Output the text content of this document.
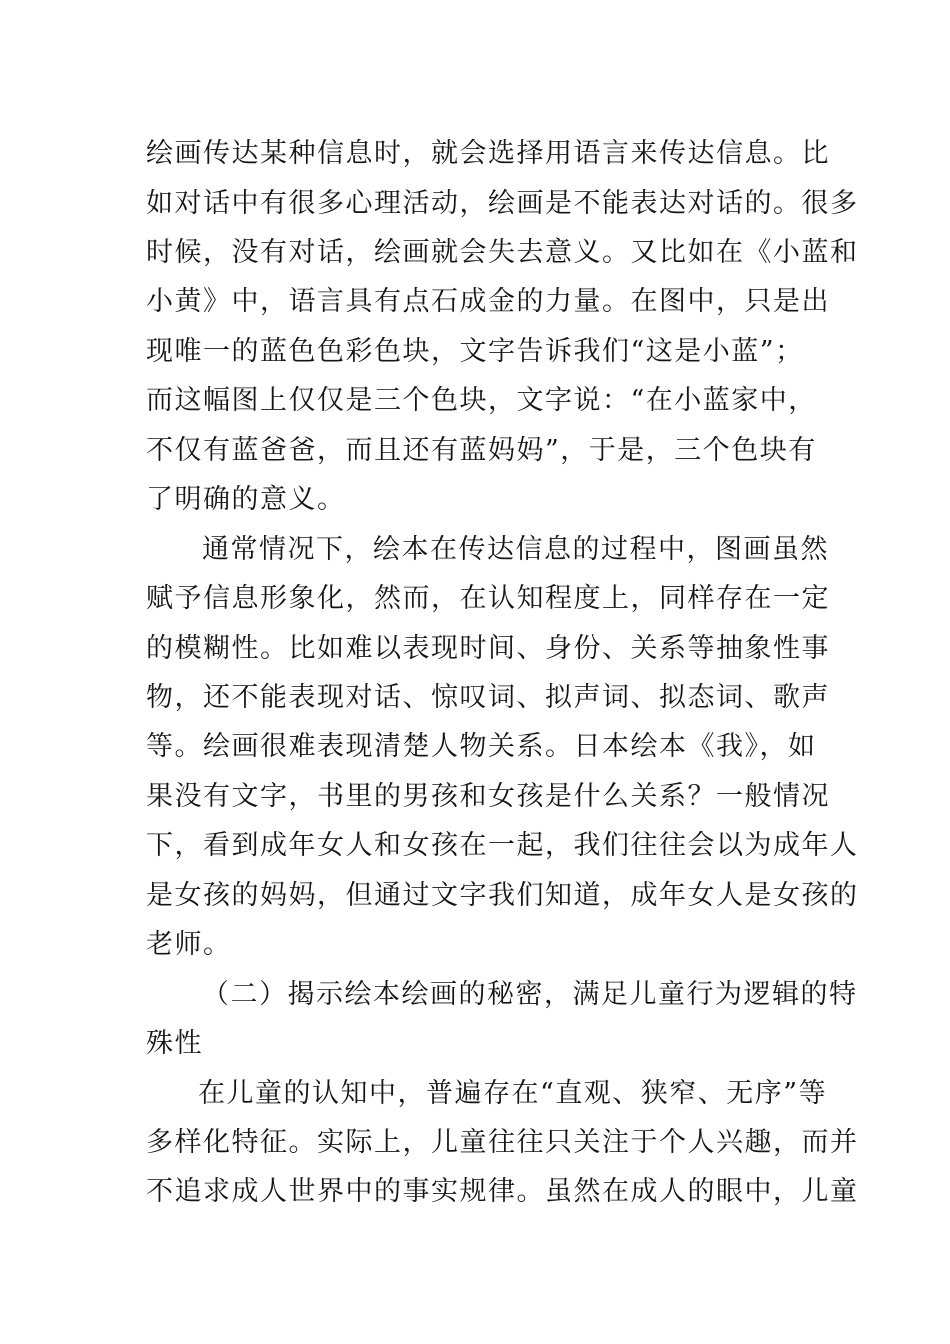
绘画传达某种信息时，就会选择用语言来传达信息。比
如对话中有很多心理活动，绘画是不能表达对话的。很多
时候，没有对话，绘画就会失去意义。又比如在《小蓝和
小黄》中，语言具有点石成金的力量。在图中，只是出
现唯一的蓝色色彩色块，文字告诉我们“这是小蓝”；
而这幅图上仅仅是三个色块，文字说：“在小蓝家中，
不仅有蓝爸爸，而且还有蓝妈妈”，于是，三个色块有
了明确的意义。
通常情况下，绘本在传达信息的过程中，图画虽然
赋予信息形象化，然而，在认知程度上，同样存在一定
的模糊性。比如难以表现时间、身份、关系等抽象性事
物，还不能表现对话、惊叹词、拟声词、拟态词、歌声
等。绘画很难表现清楚人物关系。日本绘本《我》，如
果没有文字，书里的男孩和女孩是什么关系？一般情况
下，看到成年女人和女孩在一起，我们往往会以为成年人
是女孩的妈妈，但通过文字我们知道，成年女人是女孩的
老师。
（二）揭示绘本绘画的秘密，满足儿童行为逻辑的特
殊性
在儿童的认知中，普遍存在“直观、狭窄、无序”等
多样化特征。实际上，儿童往往只关注于个人兴趣，而并
不追求成人世界中的事实规律。虽然在成人的眼中，儿童
